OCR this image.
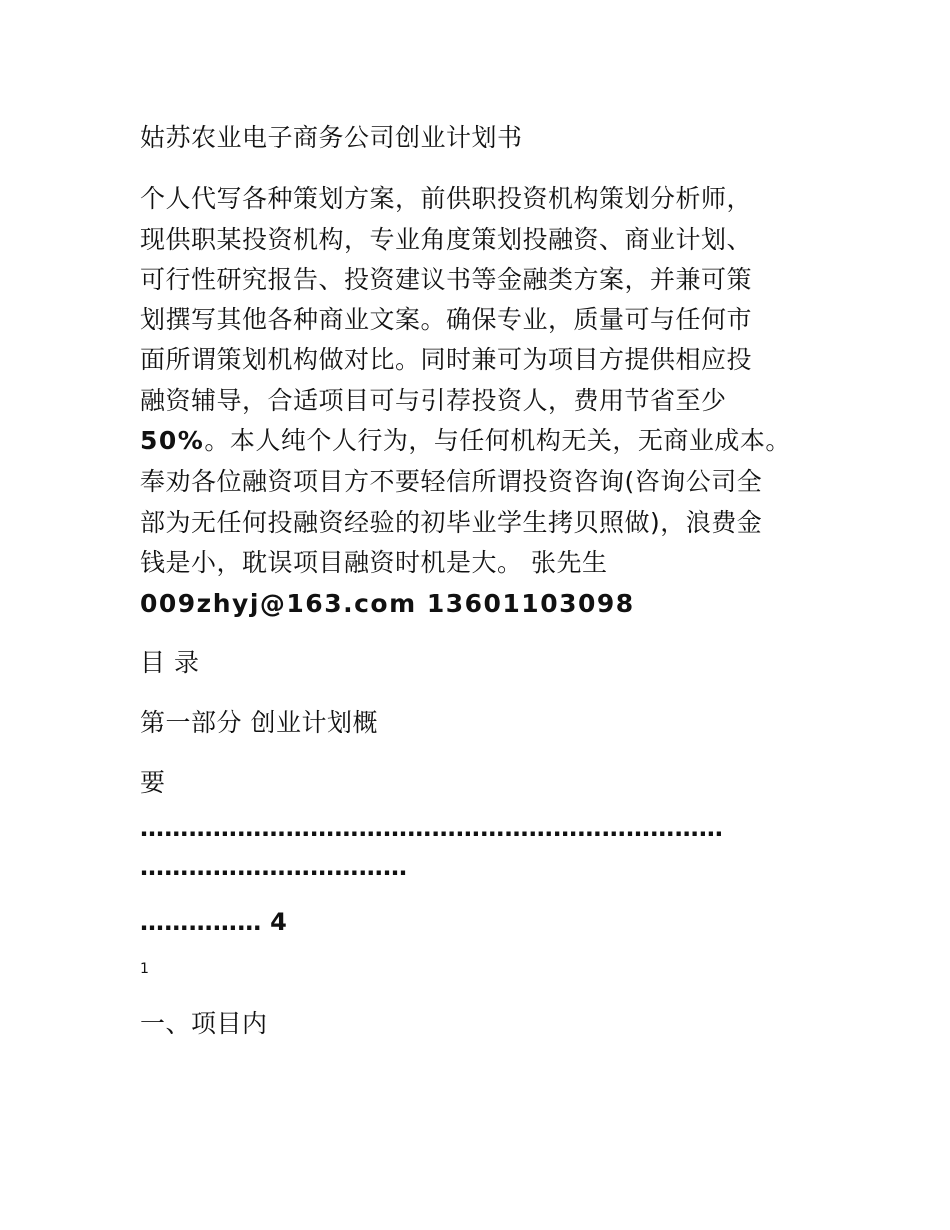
姑苏农业电子商务公司创业计划书
个人代写各种策划方案，前供职投资机构策划分析师，
现供职某投资机构，专业角度策划投融资、商业计划、
可行性研究报告、投资建议书等金融类方案，并兼可策
划撰写其他各种商业文案。确保专业，质量可与任何市
面所谓策划机构做对比。同时兼可为项目方提供相应投
融资辅导，合适项目可与引荐投资人，费用节省至少
50%。本人纯个人行为，与任何机构无关，无商业成本。
奉劝各位融资项目方不要轻信所谓投资咨询(咨询公司全
部为无任何投融资经验的初毕业学生拷贝照做)，浪费金
钱是小，耽误项目融资时机是大。 张先生
009zhyj@163.com 13601103098
目 录
第一部分 创业计划概
要
………………………………………………………………
……………………………
…………… 4
1
一、项目内
